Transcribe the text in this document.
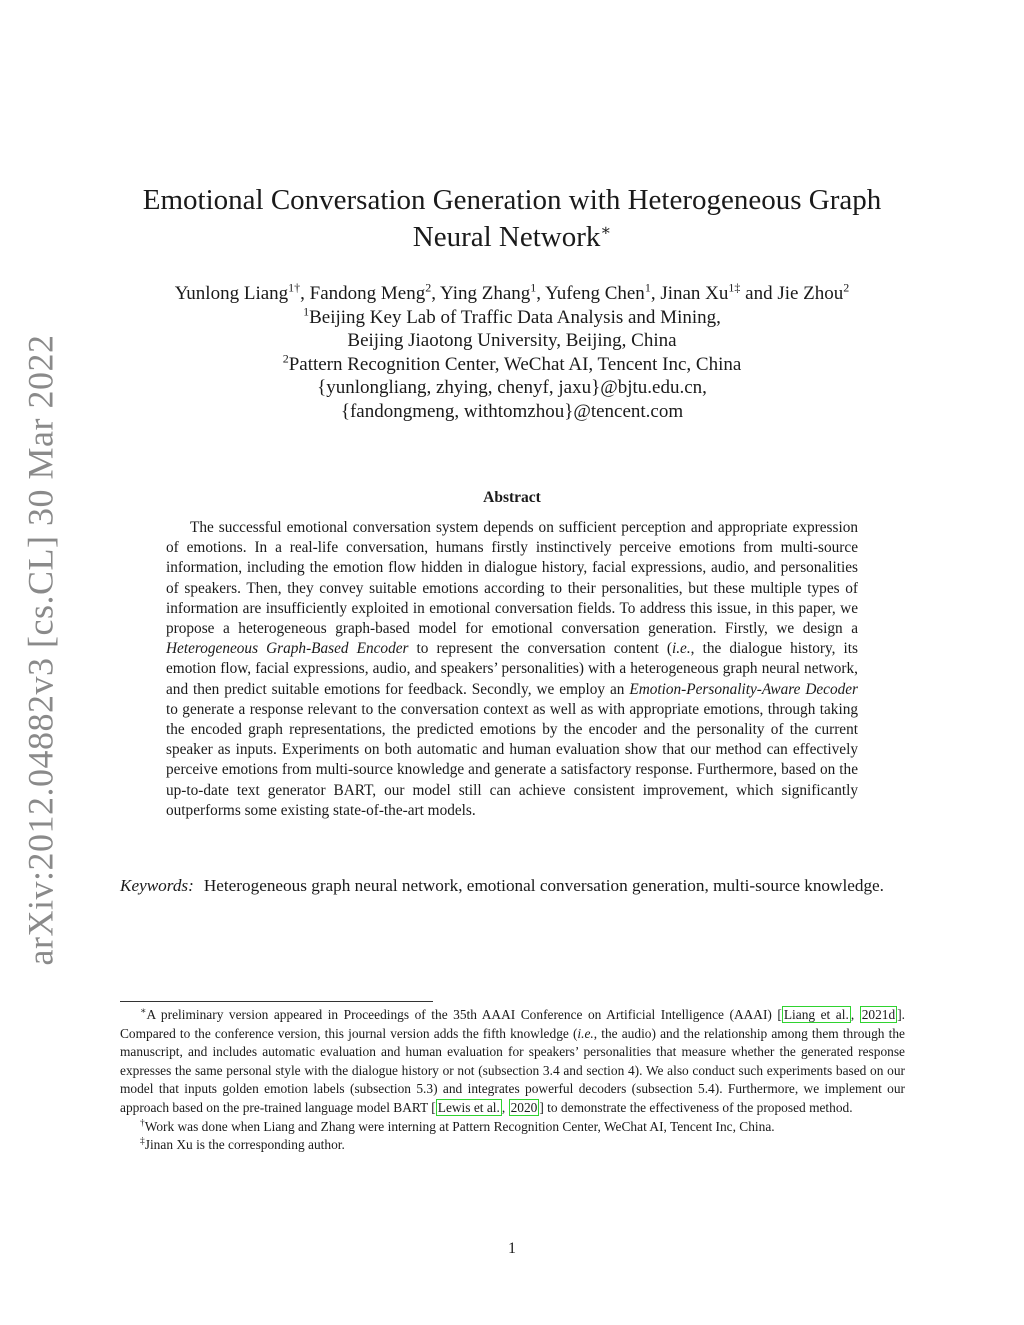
arXiv:2012.04882v3 [cs.CL] 30 Mar 2022
Emotional Conversation Generation with Heterogeneous Graph
Neural Network∗
Yunlong Liang$^{1\dagger}$, Fandong Meng$^2$, Ying Zhang$^1$, Yufeng Chen$^1$, Jinan $Xu^{1\ddagger}$ and Jie Zhou$^2$
$^1$Beijing Key Lab of Traffic Data Analysis and Mining,
Beijing Jiaotong University, Beijing, China
$^2$Pattern Recognition Center, WeChat AI, Tencent Inc, China
{yunlongliang, zhying, chenyf, jaxu}@bjtu.edu.cn,
{fandongmeng, withtomzhou}@tencent.com
Abstract

The successful emotional conversation system depends on sufficient perception and appropriate expression of emotions. In a real-life conversation, humans firstly instinctively perceive emotions from multi-source information, including the emotion flow hidden in dialogue history, facial expressions, audio, and personalities of speakers. Then, they convey suitable emotions according to their personalities, but these multiple types of information are insufficiently exploited in emotional conversation fields. To address this issue, in this paper, we propose a heterogeneous graph-based model for emotional conversation generation. Firstly, we design a Heterogeneous Graph-Based Encoder to represent the conversation content (i.e., the dialogue history, its emotion flow, facial expressions, audio, and speakers’ personalities) with a heterogeneous graph neural network, and then predict suitable emotions for feedback. Secondly, we employ an Emotion-Personality-Aware Decoder to generate a response relevant to the conversation context as well as with appropriate emotions, through taking the encoded graph representations, the predicted emotions by the encoder and the personality of the current speaker as inputs. Experiments on both automatic and human evaluation show that our method can effectively perceive emotions from multi-source knowledge and generate a satisfactory response. Furthermore, based on the up-to-date text generator BART, our model still can achieve consistent improvement, which significantly outperforms some existing state-of-the-art models.

Keywords: Heterogeneous graph neural network, emotional conversation generation, multi-source knowledge.

∗A preliminary version appeared in Proceedings of the 35th AAAI Conference on Artificial Intelligence (AAAI) [ Liang et al. , 2021d ]. Compared to the conference version, this journal version adds the fifth knowledge (i.e., the audio) and the relationship among them through the manuscript, and includes automatic evaluation and human evaluation for speakers’ personalities that measure whether the generated response expresses the same personal style with the dialogue history or not (subsection 3.4 and section 4). We also conduct such experiments based on our model that inputs golden emotion labels (subsection 5.3) and integrates powerful decoders (subsection 5.4). Furthermore, we implement our approach based on the pre-trained language model BART [ Lewis et al. , 2020 ] to demonstrate the effectiveness of the proposed method.

†Work was done when Liang and Zhang were interning at Pattern Recognition Center, WeChat AI, Tencent Inc, China.

‡Jinan Xu is the corresponding author.

1
